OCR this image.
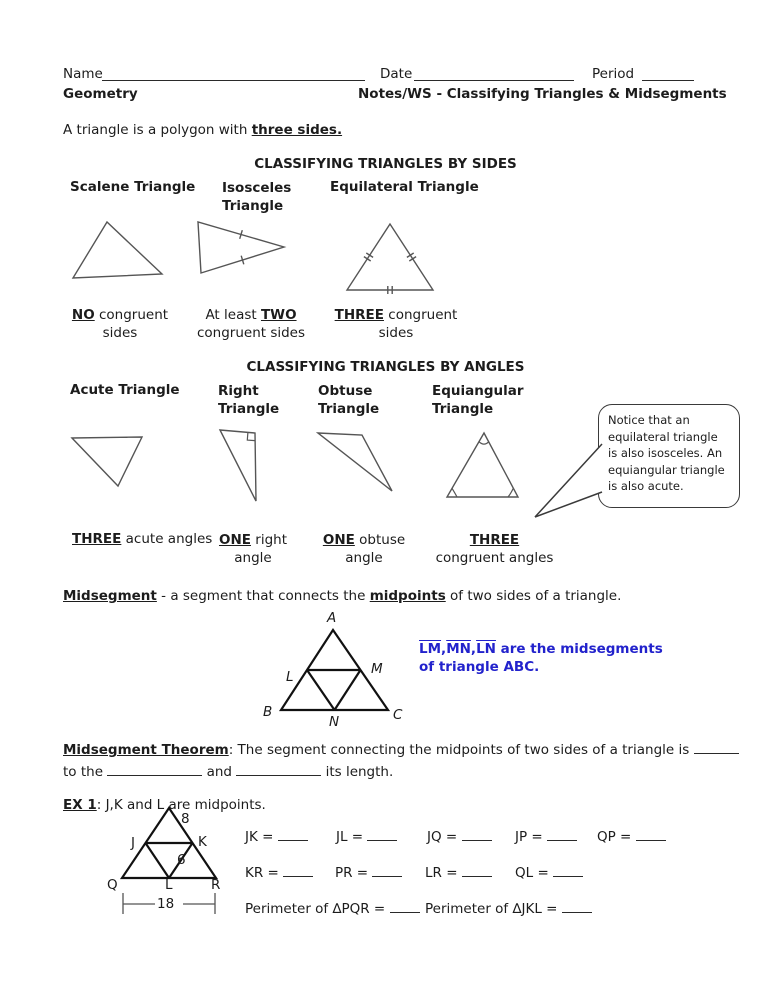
Name	Date	Period
Geometry	Notes/WS - Classifying Triangles & Midsegments
A triangle is a polygon with three sides.
CLASSIFYING TRIANGLES BY SIDES
Scalene Triangle Isosceles
Triangle
Equilateral Triangle
NO congruent
sides
At least TWO
congruent sides
THREE congruent
sides
CLASSIFYING TRIANGLES BY ANGLES
Acute Triangle	Right
Triangle
Obtuse
Triangle
Equiangular
Triangle
Notice that an
equilateral triangle
is also isosceles. An
equiangular triangle
is also acute.
THREE acute angles ONE right
angle
ONE obtuse
angle
THREE
congruent angles
Midsegment - a segment that connects the midpoints of two sides of a triangle.
A
L	M
B
N	C
$\overline{LM},\overline{MN},\overline{LN}$ are the midsegments
of triangle ABC.
Midsegment Theorem: The segment connecting the midpoints of two sides of a triangle is
to the	and	its length.
EX 1: J,K and L are midpoints.
J	K
Q	L	R
8
6
18
JK =	JL =	JQ =	JP =	QP =
KR =	PR =	LR =	QL =
Perimeter of ∆PQR =	Perimeter of ∆JKL =
